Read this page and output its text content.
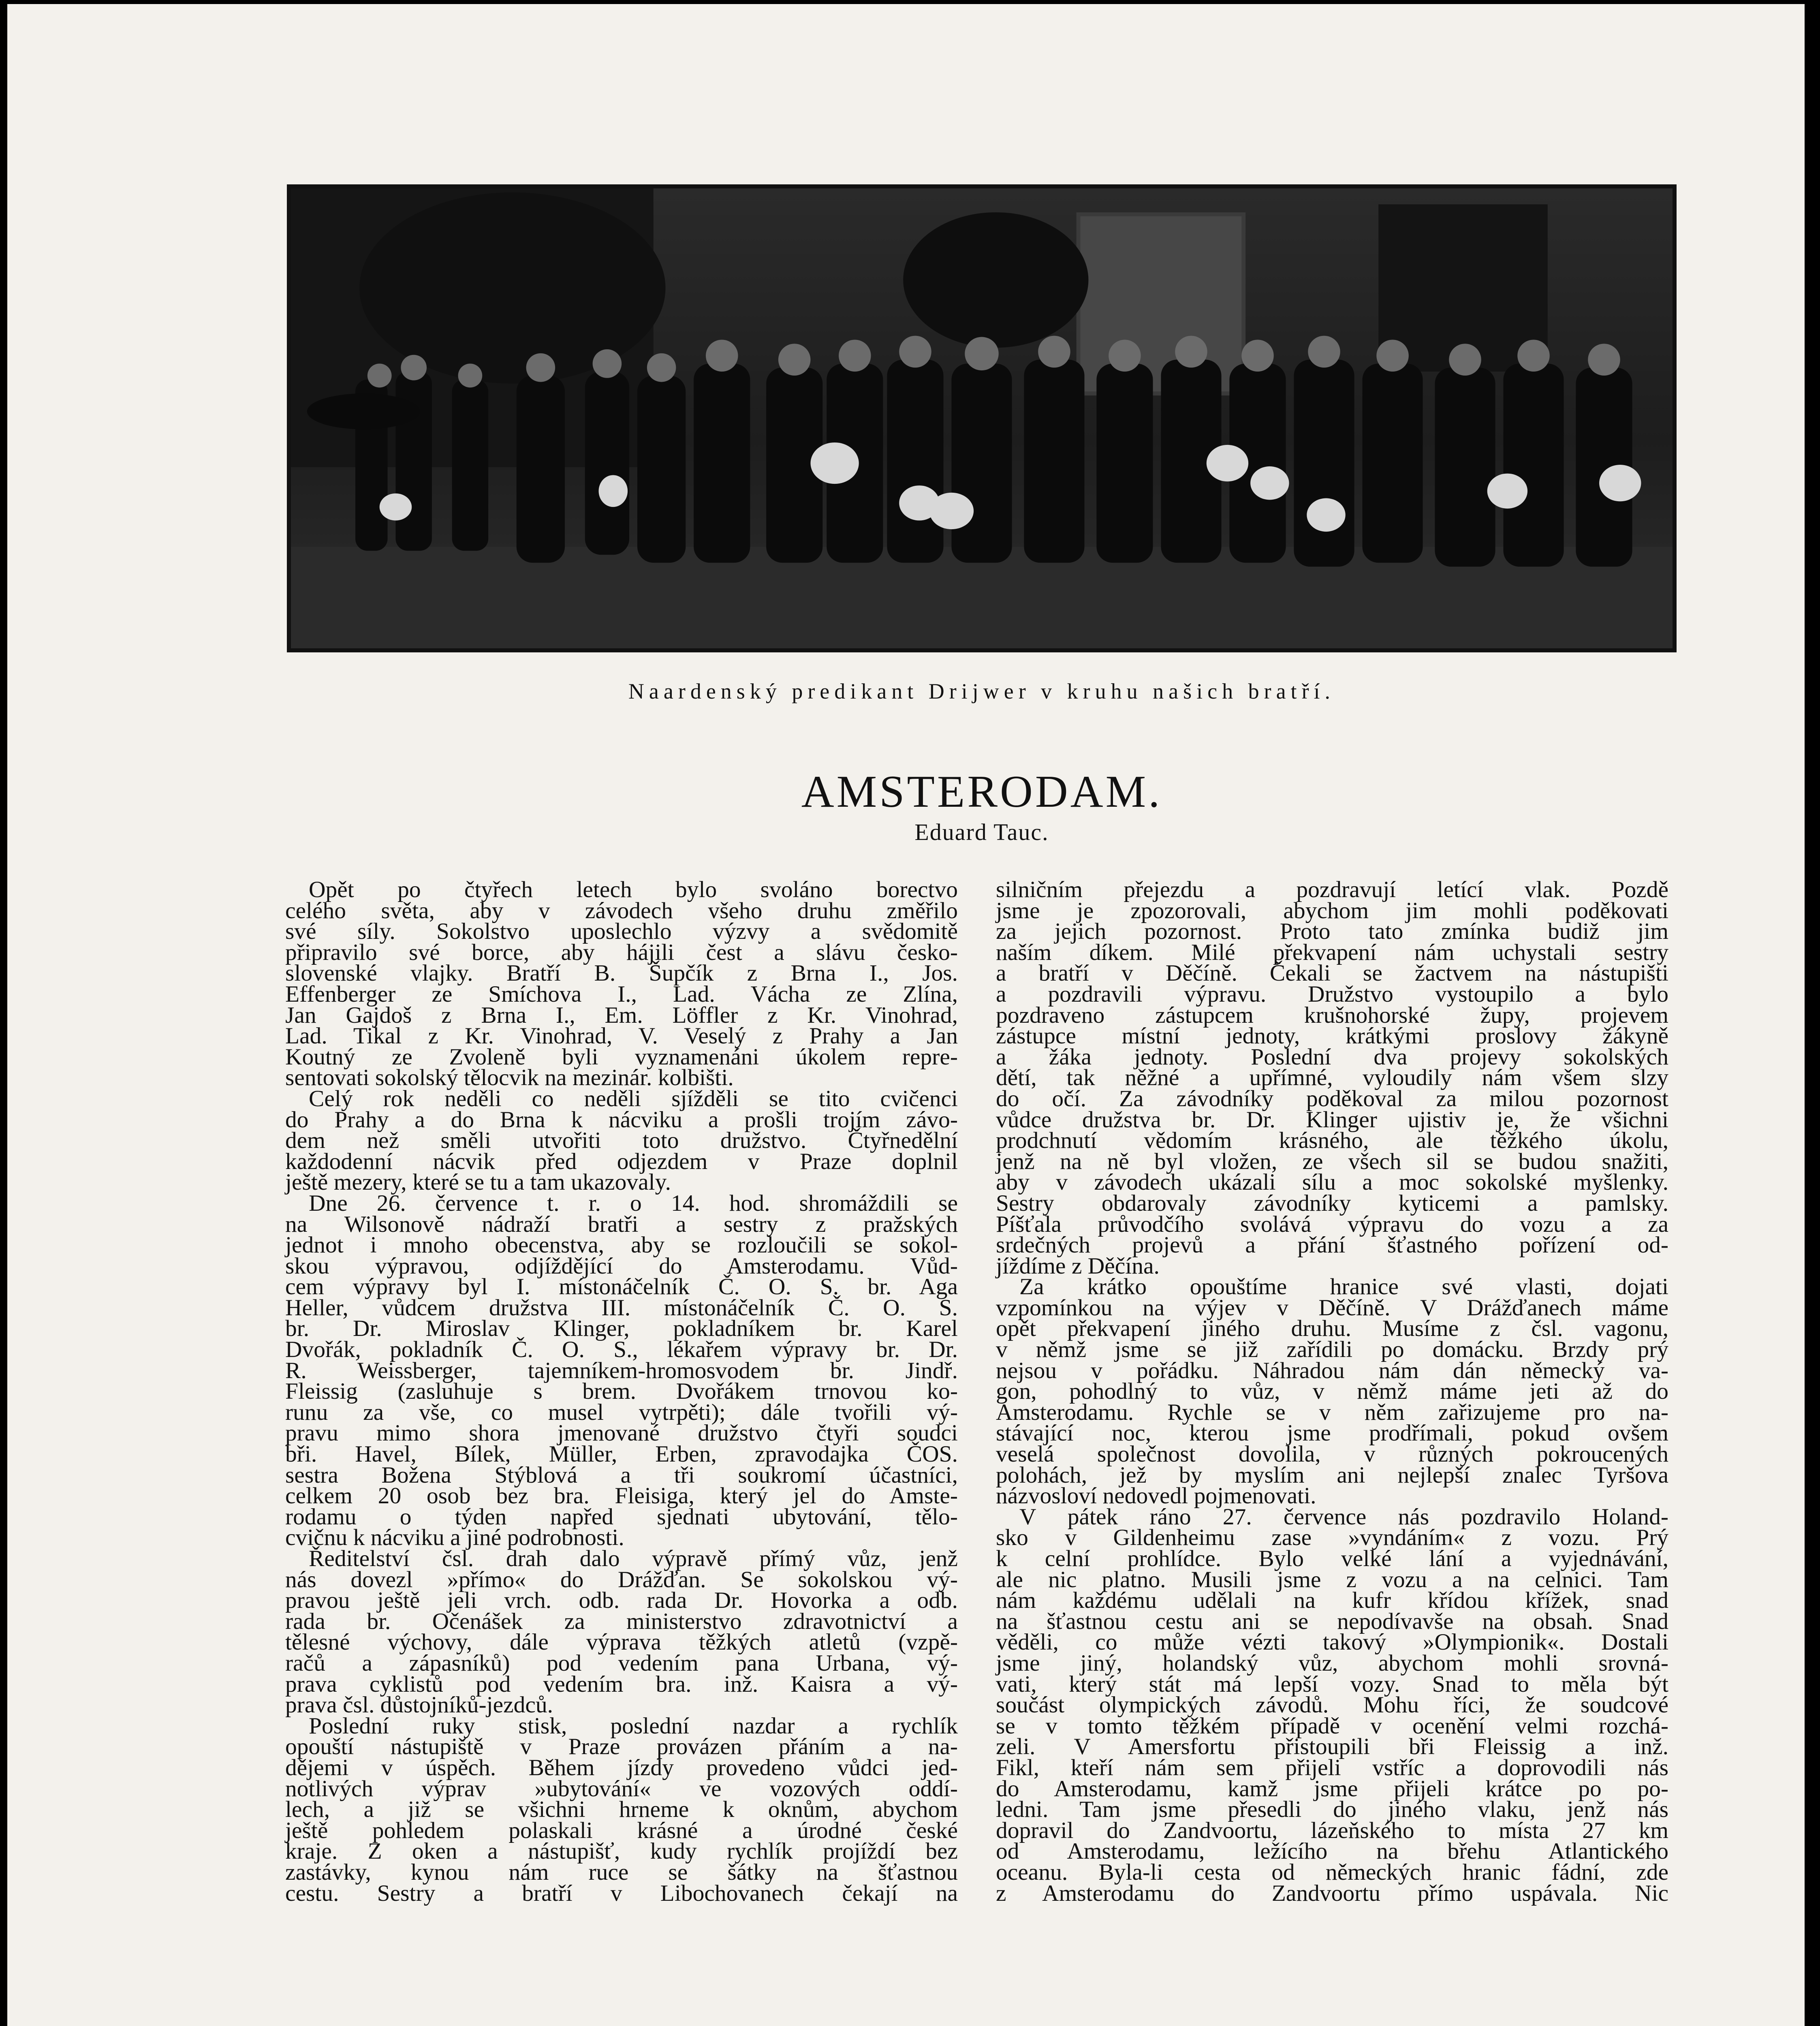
Naardenský predikant Drijwer v kruhu našich bratří.
AMSTERODAM.
Eduard Tauc.
Opět po čtyřech letech bylo svoláno borectvo
celého světa, aby v závodech všeho druhu změřilo
své síly. Sokolstvo uposlechlo výzvy a svědomitě
připravilo své borce, aby hájili čest a slávu česko-
slovenské vlajky. Bratří B. Šupčík z Brna I., Jos.
Effenberger ze Smíchova I., Lad. Vácha ze Zlína,
Jan Gajdoš z Brna I., Em. Löffler z Kr. Vinohrad,
Lad. Tikal z Kr. Vinohrad, V. Veselý z Prahy a Jan
Koutný ze Zvoleně byli vyznamenáni úkolem repre-
sentovati sokolský tělocvik na mezinár. kolbišti.
Celý rok neděli co neděli sjížděli se tito cvičenci
do Prahy a do Brna k nácviku a prošli trojím závo-
dem než směli utvořiti toto družstvo. Čtyřnedělní
každodenní nácvik před odjezdem v Praze doplnil
ještě mezery, které se tu a tam ukazovaly.
Dne 26. července t. r. o 14. hod. shromáždili se
na Wilsonově nádraží bratři a sestry z pražských
jednot i mnoho obecenstva, aby se rozloučili se sokol-
skou výpravou, odjíždějící do Amsterodamu. Vůd-
cem výpravy byl I. místonáčelník Č. O. S. br. Aga
Heller, vůdcem družstva III. místonáčelník Č. O. S.
br. Dr. Miroslav Klinger, pokladníkem br. Karel
Dvořák, pokladník Č. O. S., lékařem výpravy br. Dr.
R. Weissberger, tajemníkem-hromosvodem br. Jindř.
Fleissig (zasluhuje s brem. Dvořákem trnovou ko-
runu za vše, co musel vytrpěti); dále tvořili vý-
pravu mimo shora jmenované družstvo čtyři soudci
bři. Havel, Bílek, Müller, Erben, zpravodajka ČOS.
sestra Božena Stýblová a tři soukromí účastníci,
celkem 20 osob bez bra. Fleisiga, který jel do Amste-
rodamu o týden napřed sjednati ubytování, tělo-
cvičnu k nácviku a jiné podrobnosti.
Ředitelství čsl. drah dalo výpravě přímý vůz, jenž
nás dovezl »přímo« do Drážďan. Se sokolskou vý-
pravou ještě jeli vrch. odb. rada Dr. Hovorka a odb.
rada br. Očenášek za ministerstvo zdravotnictví a
tělesné výchovy, dále výprava těžkých atletů (vzpě-
račů a zápasníků) pod vedením pana Urbana, vý-
prava cyklistů pod vedením bra. inž. Kaisra a vý-
prava čsl. důstojníků-jezdců.
Poslední ruky stisk, poslední nazdar a rychlík
opouští nástupiště v Praze provázen přáním a na-
dějemi v úspěch. Během jízdy provedeno vůdci jed-
notlivých výprav »ubytování« ve vozových oddí-
lech, a již se všichni hrneme k oknům, abychom
ještě pohledem polaskali krásné a úrodné české
kraje. Z oken a nástupišť, kudy rychlík projíždí bez
zastávky, kynou nám ruce se šátky na šťastnou
cestu. Sestry a bratří v Libochovanech čekají na
silničním přejezdu a pozdravují letící vlak. Pozdě
jsme je zpozorovali, abychom jim mohli poděkovati
za jejich pozornost. Proto tato zmínka budiž jim
naším díkem. Milé překvapení nám uchystali sestry
a bratří v Děčíně. Čekali se žactvem na nástupišti
a pozdravili výpravu. Družstvo vystoupilo a bylo
pozdraveno zástupcem krušnohorské župy, projevem
zástupce místní jednoty, krátkými proslovy žákyně
a žáka jednoty. Poslední dva projevy sokolských
dětí, tak něžné a upřímné, vyloudily nám všem slzy
do očí. Za závodníky poděkoval za milou pozornost
vůdce družstva br. Dr. Klinger ujistiv je, že všichni
prodchnutí vědomím krásného, ale těžkého úkolu,
jenž na ně byl vložen, ze všech sil se budou snažiti,
aby v závodech ukázali sílu a moc sokolské myšlenky.
Sestry obdarovaly závodníky kyticemi a pamlsky.
Píšťala průvodčího svolává výpravu do vozu a za
srdečných projevů a přání šťastného pořízení od-
jíždíme z Děčína.
Za krátko opouštíme hranice své vlasti, dojati
vzpomínkou na výjev v Děčíně. V Drážďanech máme
opět překvapení jiného druhu. Musíme z čsl. vagonu,
v němž jsme se již zařídili po domácku. Brzdy prý
nejsou v pořádku. Náhradou nám dán německý va-
gon, pohodlný to vůz, v němž máme jeti až do
Amsterodamu. Rychle se v něm zařizujeme pro na-
stávající noc, kterou jsme prodřímali, pokud ovšem
veselá společnost dovolila, v různých pokroucených
polohách, jež by myslím ani nejlepší znalec Tyršova
názvosloví nedovedl pojmenovati.
V pátek ráno 27. července nás pozdravilo Holand-
sko v Gildenheimu zase »vyndáním« z vozu. Prý
k celní prohlídce. Bylo velké lání a vyjednávání,
ale nic platno. Musili jsme z vozu a na celnici. Tam
nám každému udělali na kufr křídou křížek, snad
na šťastnou cestu ani se nepodívavše na obsah. Snad
věděli, co může vézti takový »Olympionik«. Dostali
jsme jiný, holandský vůz, abychom mohli srovná-
vati, který stát má lepší vozy. Snad to měla být
součást olympických závodů. Mohu říci, že soudcové
se v tomto těžkém případě v ocenění velmi rozchá-
zeli. V Amersfortu přistoupili bři Fleissig a inž.
Fikl, kteří nám sem přijeli vstříc a doprovodili nás
do Amsterodamu, kamž jsme přijeli krátce po po-
ledni. Tam jsme přesedli do jiného vlaku, jenž nás
dopravil do Zandvoortu, lázeňského to místa 27 km
od Amsterodamu, ležícího na břehu Atlantického
oceanu. Byla-li cesta od německých hranic fádní, zde
z Amsterodamu do Zandvoortu přímo uspávala. Nic
